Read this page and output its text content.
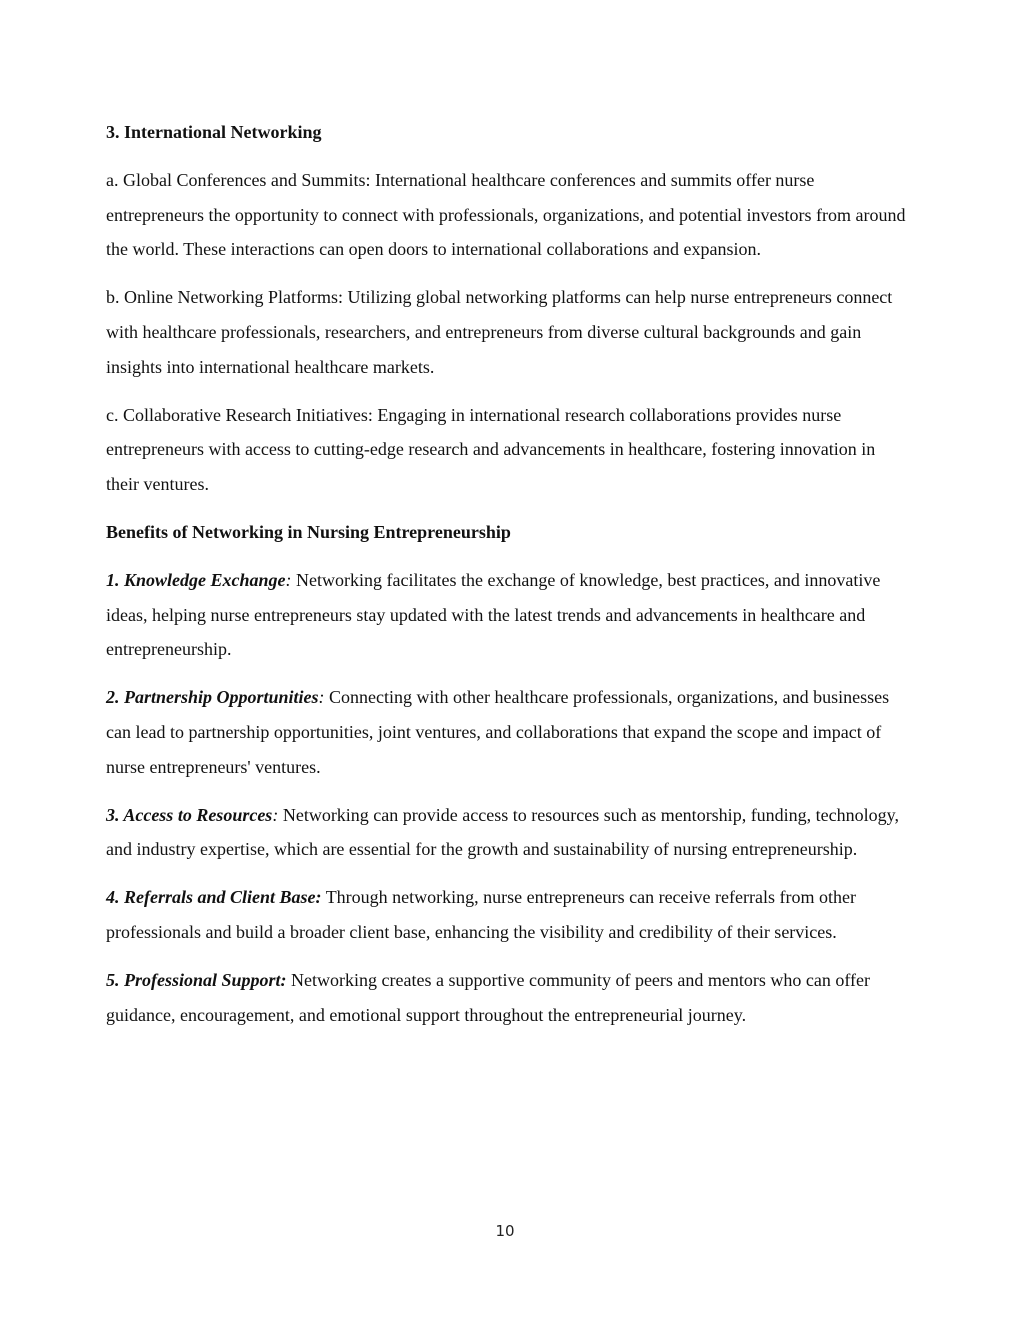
3. International Networking

a. Global Conferences and Summits: International healthcare conferences and summits offer nurse entrepreneurs the opportunity to connect with professionals, organizations, and potential investors from around the world. These interactions can open doors to international collaborations and expansion.

b. Online Networking Platforms: Utilizing global networking platforms can help nurse entrepreneurs connect with healthcare professionals, researchers, and entrepreneurs from diverse cultural backgrounds and gain insights into international healthcare markets.

c. Collaborative Research Initiatives: Engaging in international research collaborations provides nurse entrepreneurs with access to cutting-edge research and advancements in healthcare, fostering innovation in their ventures.

Benefits of Networking in Nursing Entrepreneurship

1. Knowledge Exchange: Networking facilitates the exchange of knowledge, best practices, and innovative ideas, helping nurse entrepreneurs stay updated with the latest trends and advancements in healthcare and entrepreneurship.

2. Partnership Opportunities: Connecting with other healthcare professionals, organizations, and businesses can lead to partnership opportunities, joint ventures, and collaborations that expand the scope and impact of nurse entrepreneurs' ventures.

3. Access to Resources: Networking can provide access to resources such as mentorship, funding, technology, and industry expertise, which are essential for the growth and sustainability of nursing entrepreneurship.

4. Referrals and Client Base: Through networking, nurse entrepreneurs can receive referrals from other professionals and build a broader client base, enhancing the visibility and credibility of their services.

5. Professional Support: Networking creates a supportive community of peers and mentors who can offer guidance, encouragement, and emotional support throughout the entrepreneurial journey.

10
